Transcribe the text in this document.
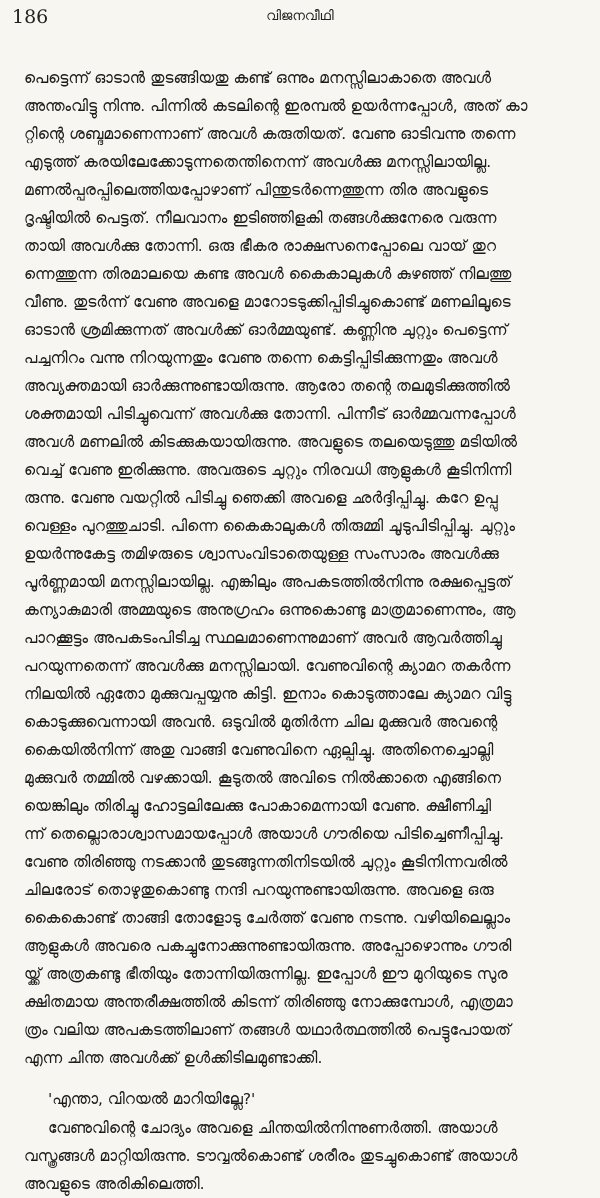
186	വിജനവീഥി
പെട്ടെന്ന് ഓടാൻ തുടങ്ങിയതു കണ്ട് ഒന്നും മനസ്സിലാകാതെ അവൾ
അന്തംവിട്ടു നിന്നു. പിന്നിൽ കടലിന്റെ ഇരമ്പൽ ഉയർന്നപ്പോൾ, അത് കാ
റ്റിന്റെ ശബ്ദമാണെന്നാണ് അവൾ കരുതിയത്. വേണു ഓടിവന്നു തന്നെ
എടുത്ത് കരയിലേക്കോടുന്നതെന്തിനെന്ന് അവൾക്കു മനസ്സിലായില്ല.
മണൽപ്പരപ്പിലെത്തിയപ്പോഴാണ് പിന്തുടർന്നെത്തുന്ന തിര അവളുടെ
ദൃഷ്ടിയിൽ പെട്ടത്. നീലവാനം ഇടിഞ്ഞിളകി തങ്ങൾക്കുനേരെ വരുന്ന
തായി അവൾക്കു തോന്നി. ഒരു ഭീകര രാക്ഷസനെപ്പോലെ വായ് തുറ
ന്നെത്തുന്ന തിരമാലയെ കണ്ട അവൾ കൈകാലുകൾ കുഴഞ്ഞ് നിലത്തു
വീണു. തുടർന്ന് വേണു അവളെ മാറോടടുക്കിപ്പിടിച്ചുകൊണ്ട് മണലിലൂടെ
ഓടാൻ ശ്രമിക്കുന്നത് അവൾക്ക് ഓർമ്മയുണ്ട്. കണ്ണിനു ചുറ്റും പെട്ടെന്ന്
പച്ചനിറം വന്നു നിറയുന്നതും വേണു തന്നെ കെട്ടിപ്പിടിക്കുന്നതും അവൾ
അവ്യക്തമായി ഓർക്കുന്നുണ്ടായിരുന്നു. ആരോ തന്റെ തലമുടിക്കുത്തിൽ
ശക്തമായി പിടിച്ചുവെന്ന് അവൾക്കു തോന്നി. പിന്നീട് ഓർമ്മവന്നപ്പോൾ
അവൾ മണലിൽ കിടക്കുകയായിരുന്നു. അവളുടെ തലയെടുത്തു മടിയിൽ
വെച്ച് വേണു ഇരിക്കുന്നു. അവരുടെ ചുറ്റും നിരവധി ആളുകൾ കൂടിനിന്നി
രുന്നു. വേണു വയറ്റിൽ പിടിച്ചു ഞെക്കി അവളെ ഛർദ്ദിപ്പിച്ചു. കറേ ഉപ്പു
വെള്ളം പുറത്തുചാടി. പിന്നെ കൈകാലുകൾ തിരുമ്മി ചൂടുപിടിപ്പിച്ചു. ചുറ്റും
ഉയർന്നുകേട്ട തമിഴരുടെ ശ്വാസംവിടാതെയുള്ള സംസാരം അവൾക്കു
പൂർണ്ണമായി മനസ്സിലായില്ല. എങ്കിലും അപകടത്തിൽനിന്നു രക്ഷപ്പെട്ടത്
കന്യാകുമാരി അമ്മയുടെ അനുഗ്രഹം ഒന്നുകൊണ്ടു മാത്രമാണെന്നും, ആ
പാറക്കൂട്ടം അപകടംപിടിച്ച സ്ഥലമാണെന്നുമാണ് അവർ ആവർത്തിച്ചു
പറയുന്നതെന്ന് അവൾക്കു മനസ്സിലായി. വേണുവിന്റെ ക്യാമറ തകർന്ന
നിലയിൽ ഏതോ മുക്കുവപ്പയ്യനു കിട്ടി. ഇനാം കൊടുത്താലേ ക്യാമറ വിട്ടു
കൊടുക്കുവെന്നായി അവൻ. ഒടുവിൽ മുതിർന്ന ചില മുക്കുവർ അവന്റെ
കൈയിൽനിന്ന് അതു വാങ്ങി വേണുവിനെ ഏല്പിച്ചു. അതിനെച്ചൊല്ലി
മുക്കുവർ തമ്മിൽ വഴക്കായി. കൂടുതൽ അവിടെ നിൽക്കാതെ എങ്ങിനെ
യെങ്കിലും തിരിച്ചു ഹോട്ടലിലേക്കു പോകാമെന്നായി വേണു. ക്ഷീണിച്ചി
ന്ന് തെല്ലൊരാശ്വാസമായപ്പോൾ അയാൾ ഗൗരിയെ പിടിച്ചെണീപ്പിച്ചു.
വേണു തിരിഞ്ഞു നടക്കാൻ തുടങ്ങുന്നതിനിടയിൽ ചുറ്റും കൂടിനിന്നവരിൽ
ചിലരോട് തൊഴുതുകൊണ്ടു നന്ദി പറയുന്നുണ്ടായിരുന്നു. അവളെ ഒരു
കൈകൊണ്ട് താങ്ങി തോളോടു ചേർത്ത് വേണു നടന്നു. വഴിയിലെല്ലാം
ആളുകൾ അവരെ പകച്ചുനോക്കുന്നുണ്ടായിരുന്നു. അപ്പോഴൊന്നും ഗൗരി
യ്ക്ക് അത്രകണ്ടു ഭീതിയും തോന്നിയിരുന്നില്ല. ഇപ്പോൾ ഈ മുറിയുടെ സുര
ക്ഷിതമായ അന്തരീക്ഷത്തിൽ കിടന്ന് തിരിഞ്ഞു നോക്കുമ്പോൾ, എത്രമാ
ത്രം വലിയ അപകടത്തിലാണ് തങ്ങൾ യഥാർത്ഥത്തിൽ പെട്ടുപോയത്
എന്ന ചിന്ത അവൾക്ക് ഉൾക്കിടിലമുണ്ടാക്കി.
'എന്താ, വിറയൽ മാറിയില്ലേ?'
വേണുവിന്റെ ചോദ്യം അവളെ ചിന്തയിൽനിന്നുണർത്തി. അയാൾ
വസ്ത്രങ്ങൾ മാറ്റിയിരുന്നു. ടൗവ്വൽകൊണ്ട് ശരീരം തുടച്ചുകൊണ്ട് അയാൾ
അവളുടെ അരികിലെത്തി.
